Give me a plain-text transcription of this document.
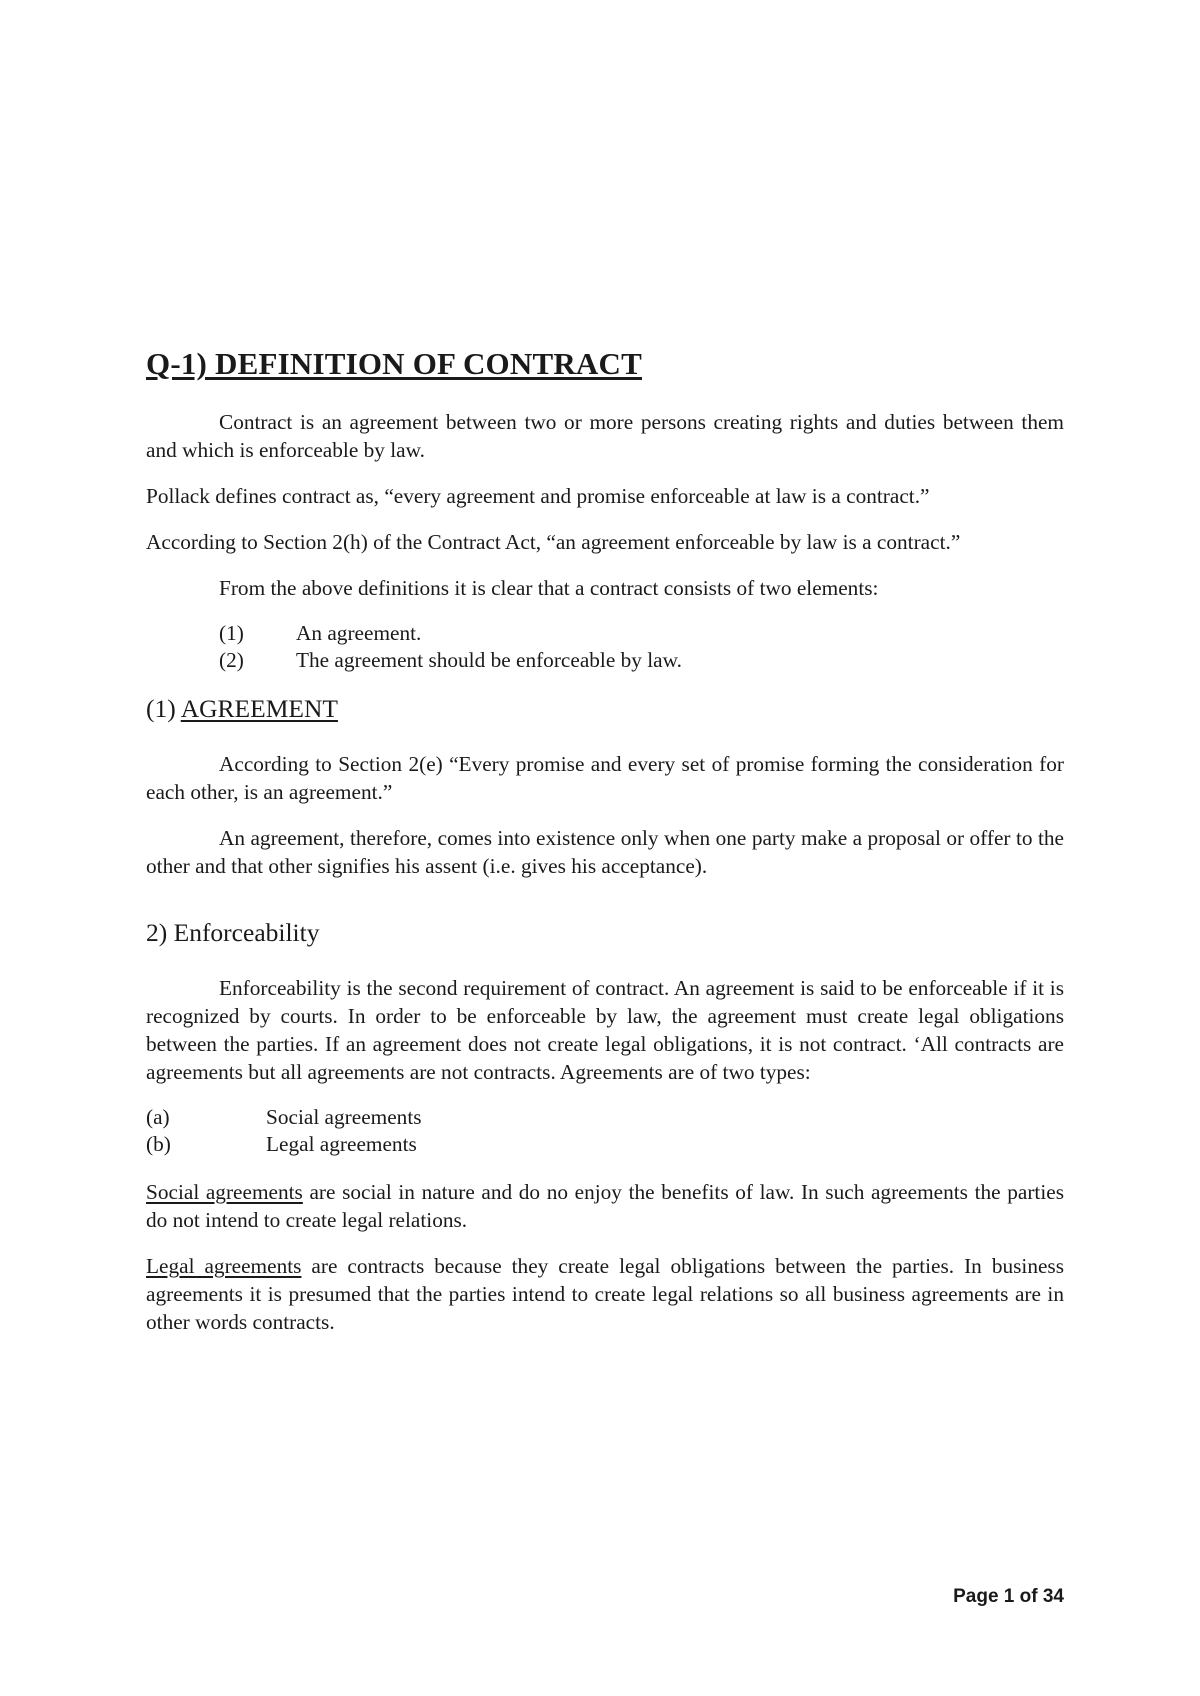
Q-1) DEFINITION OF CONTRACT

Contract is an agreement between two or more persons creating rights and duties between them and which is enforceable by law.

Pollack defines contract as, “every agreement and promise enforceable at law is a contract.”

According to Section 2(h) of the Contract Act, “an agreement enforceable by law is a contract.”

From the above definitions it is clear that a contract consists of two elements:

(1)	An agreement.
(2)	The agreement should be enforceable by law.
(1) AGREEMENT

According to Section 2(e) “Every promise and every set of promise forming the consideration for each other, is an agreement.”

An agreement, therefore, comes into existence only when one party make a proposal or offer to the other and that other signifies his assent (i.e. gives his acceptance).

2) Enforceability

Enforceability is the second requirement of contract. An agreement is said to be enforceable if it is recognized by courts. In order to be enforceable by law, the agreement must create legal obligations between the parties. If an agreement does not create legal obligations, it is not contract. ‘All contracts are agreements but all agreements are not contracts. Agreements are of two types:

(a)	Social agreements
(b)	Legal agreements

Social agreements are social in nature and do no enjoy the benefits of law. In such agreements the parties do not intend to create legal relations.

Legal agreements are contracts because they create legal obligations between the parties. In business agreements it is presumed that the parties intend to create legal relations so all business agreements are in other words contracts.

Page 1 of 34
